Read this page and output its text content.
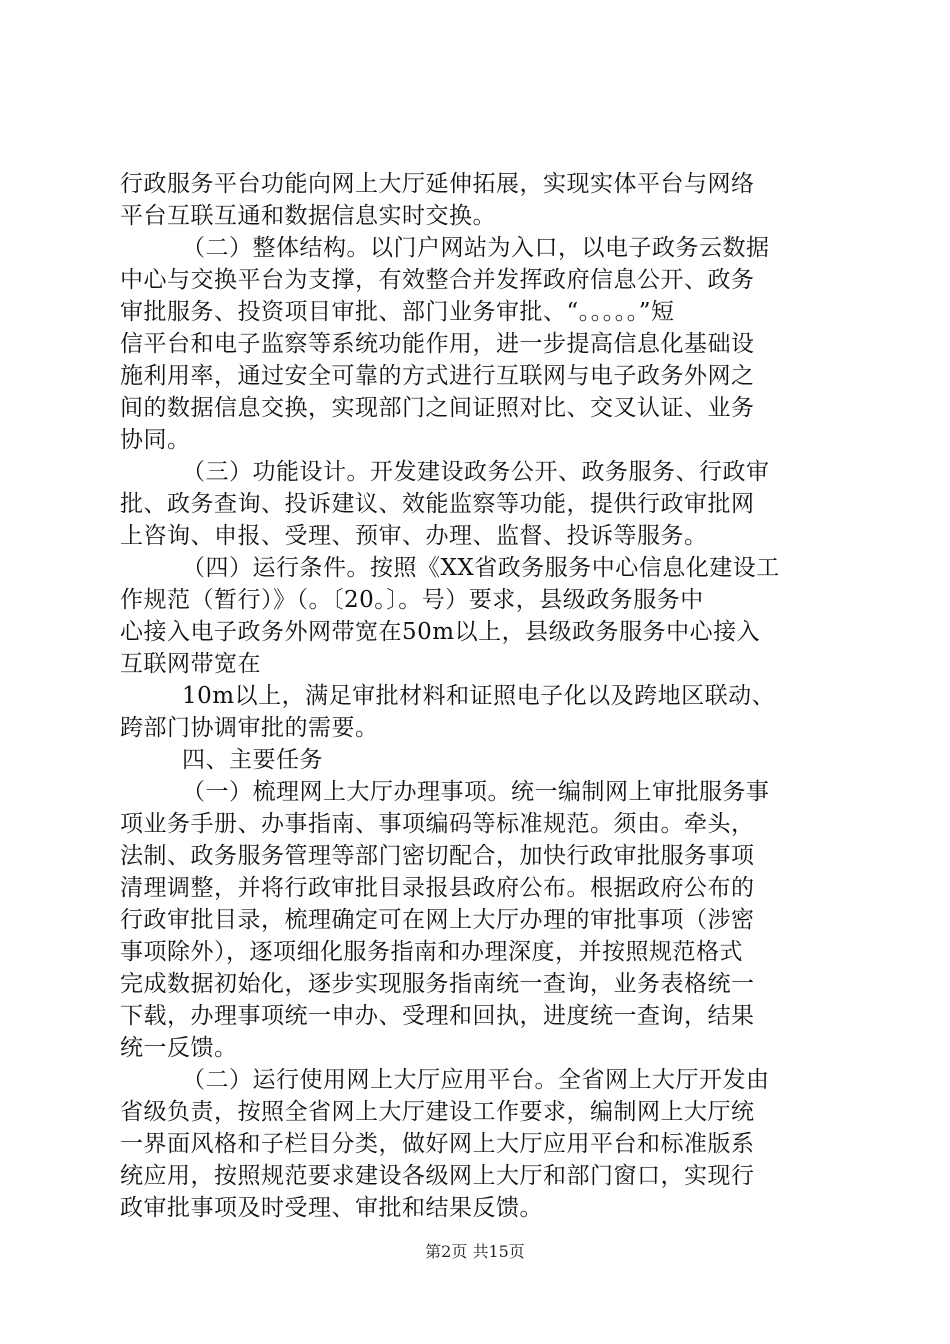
行政服务平台功能向网上大厅延伸拓展，实现实体平台与网络
平台互联互通和数据信息实时交换。
（二）整体结构。以门户网站为入口，以电子政务云数据
中心与交换平台为支撑，有效整合并发挥政府信息公开、政务
审批服务、投资项目审批、部门业务审批、“。。。。。”短
信平台和电子监察等系统功能作用，进一步提高信息化基础设
施利用率，通过安全可靠的方式进行互联网与电子政务外网之
间的数据信息交换，实现部门之间证照对比、交叉认证、业务
协同。
（三）功能设计。开发建设政务公开、政务服务、行政审
批、政务查询、投诉建议、效能监察等功能，提供行政审批网
上咨询、申报、受理、预审、办理、监督、投诉等服务。
（四）运行条件。按照《XX省政务服务中心信息化建设工
作规范（暂行）》（。〔20。〕。号）要求，县级政务服务中
心接入电子政务外网带宽在50m以上，县级政务服务中心接入
互联网带宽在
10m以上，满足审批材料和证照电子化以及跨地区联动、
跨部门协调审批的需要。
四、主要任务
（一）梳理网上大厅办理事项。统一编制网上审批服务事
项业务手册、办事指南、事项编码等标准规范。须由。牵头，
法制、政务服务管理等部门密切配合，加快行政审批服务事项
清理调整，并将行政审批目录报县政府公布。根据政府公布的
行政审批目录，梳理确定可在网上大厅办理的审批事项（涉密
事项除外），逐项细化服务指南和办理深度，并按照规范格式
完成数据初始化，逐步实现服务指南统一查询，业务表格统一
下载，办理事项统一申办、受理和回执，进度统一查询，结果
统一反馈。
（二）运行使用网上大厅应用平台。全省网上大厅开发由
省级负责，按照全省网上大厅建设工作要求，编制网上大厅统
一界面风格和子栏目分类，做好网上大厅应用平台和标准版系
统应用，按照规范要求建设各级网上大厅和部门窗口，实现行
政审批事项及时受理、审批和结果反馈。
第2页 共15页
